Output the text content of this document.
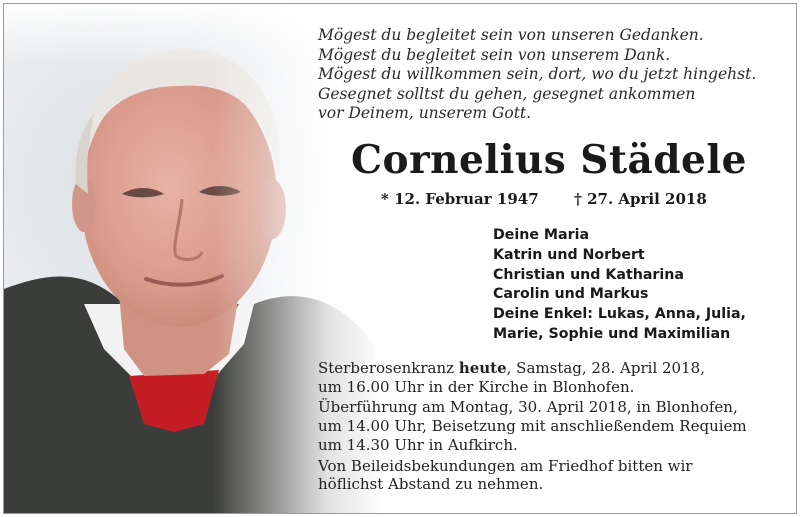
Mögest du begleitet sein von unseren Gedanken.
Mögest du begleitet sein von unserem Dank.
Mögest du willkommen sein, dort, wo du jetzt hingehst.
Gesegnet solltst du gehen, gesegnet ankommen
vor Deinem, unserem Gott.
Cornelius Städele
* 12. Februar 1947 † 27. April 2018
Deine Maria
Katrin und Norbert
Christian und Katharina
Carolin und Markus
Deine Enkel: Lukas, Anna, Julia,
Marie, Sophie und Maximilian
Sterberosenkranz heute, Samstag, 28. April 2018,
um 16.00 Uhr in der Kirche in Blonhofen.
Überführung am Montag, 30. April 2018, in Blonhofen,
um 14.00 Uhr, Beisetzung mit anschließendem Requiem
um 14.30 Uhr in Aufkirch.
Von Beileidsbekundungen am Friedhof bitten wir
höflichst Abstand zu nehmen.
